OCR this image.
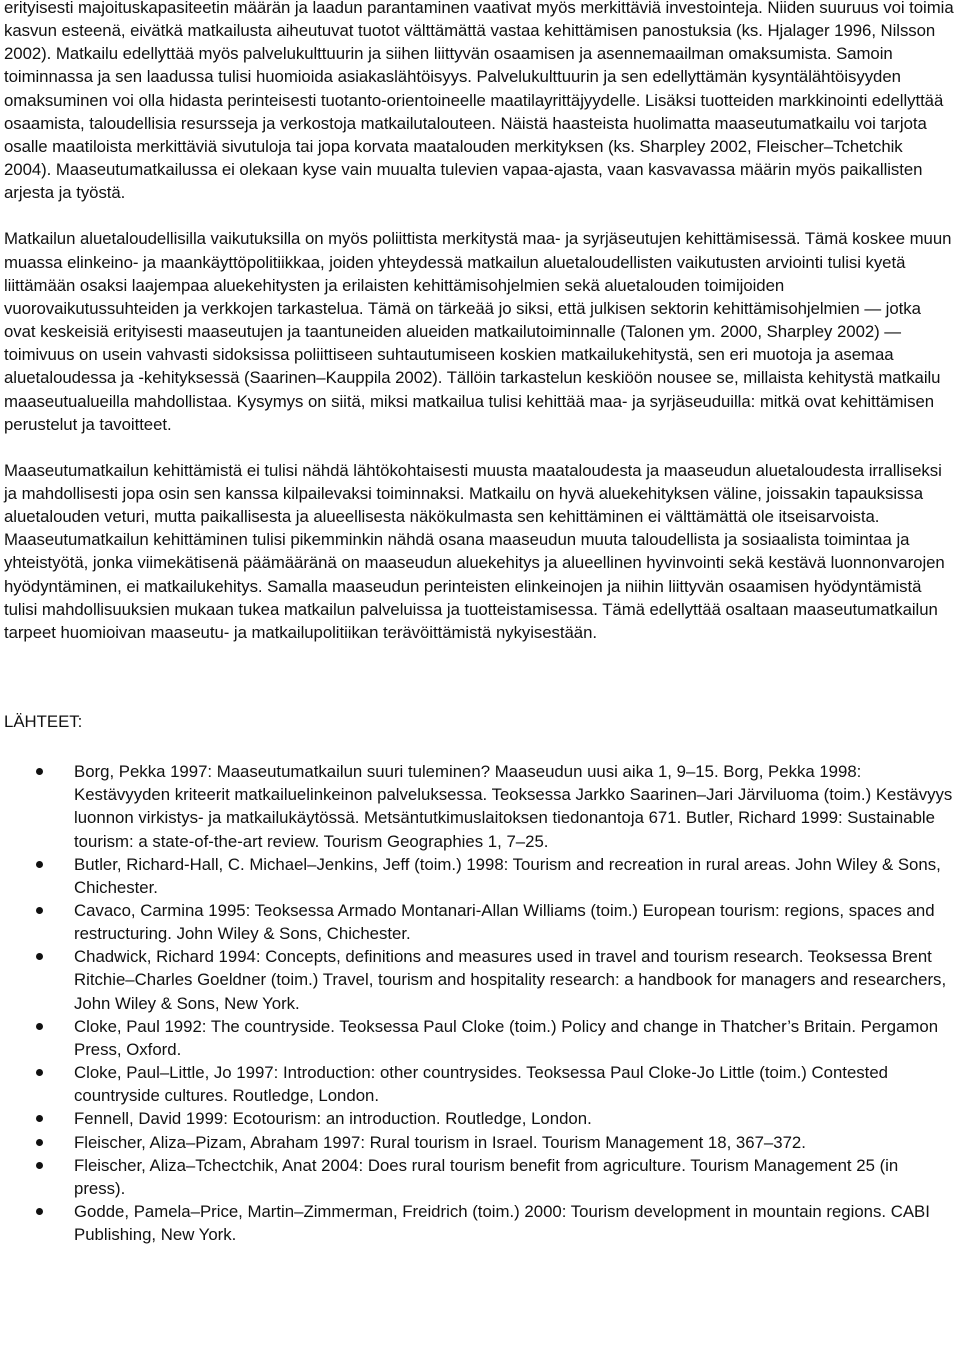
erityisesti majoituskapasiteetin määrän ja laadun parantaminen vaativat myös merkittäviä investointeja. Niiden suuruus voi toimia kasvun esteenä, eivätkä matkailusta aiheutuvat tuotot välttämättä vastaa kehittämisen panostuksia (ks. Hjalager 1996, Nilsson 2002). Matkailu edellyttää myös palvelukulttuurin ja siihen liittyvän osaamisen ja asennemaailman omaksumista. Samoin toiminnassa ja sen laadussa tulisi huomioida asiakaslähtöisyys. Palvelukulttuurin ja sen edellyttämän kysyntälähtöisyyden omaksuminen voi olla hidasta perinteisesti tuotanto-orientoineelle maatilayrittäjyydelle. Lisäksi tuotteiden markkinointi edellyttää osaamista, taloudellisia resursseja ja verkostoja matkailutalouteen. Näistä haasteista huolimatta maaseutumatkailu voi tarjota osalle maatiloista merkittäviä sivutuloja tai jopa korvata maatalouden merkityksen (ks. Sharpley 2002, Fleischer–Tchetchik 2004). Maaseutumatkailussa ei olekaan kyse vain muualta tulevien vapaa-ajasta, vaan kasvavassa määrin myös paikallisten arjesta ja työstä.

Matkailun aluetaloudellisilla vaikutuksilla on myös poliittista merkitystä maa- ja syrjäseutujen kehittämisessä. Tämä koskee muun muassa elinkeino- ja maankäyttöpolitiikkaa, joiden yhteydessä matkailun aluetaloudellisten vaikutusten arviointi tulisi kyetä liittämään osaksi laajempaa aluekehitysten ja erilaisten kehittämisohjelmien sekä aluetalouden toimijoiden vuorovaikutussuhteiden ja verkkojen tarkastelua. Tämä on tärkeää jo siksi, että julkisen sektorin kehittämisohjelmien — jotka ovat keskeisiä erityisesti maaseutujen ja taantuneiden alueiden matkailutoiminnalle (Talonen ym. 2000, Sharpley 2002) — toimivuus on usein vahvasti sidoksissa poliittiseen suhtautumiseen koskien matkailukehitystä, sen eri muotoja ja asemaa aluetaloudessa ja -kehityksessä (Saarinen–Kauppila 2002). Tällöin tarkastelun keskiöön nousee se, millaista kehitystä matkailu maaseutualueilla mahdollistaa. Kysymys on siitä, miksi matkailua tulisi kehittää maa- ja syrjäseuduilla: mitkä ovat kehittämisen perustelut ja tavoitteet.

Maaseutumatkailun kehittämistä ei tulisi nähdä lähtökohtaisesti muusta maataloudesta ja maaseudun aluetaloudesta irralliseksi ja mahdollisesti jopa osin sen kanssa kilpailevaksi toiminnaksi. Matkailu on hyvä aluekehityksen väline, joissakin tapauksissa aluetalouden veturi, mutta paikallisesta ja alueellisesta näkökulmasta sen kehittäminen ei välttämättä ole itseisarvoista. Maaseutumatkailun kehittäminen tulisi pikemminkin nähdä osana maaseudun muuta taloudellista ja sosiaalista toimintaa ja yhteistyötä, jonka viimekätisenä päämääränä on maaseudun aluekehitys ja alueellinen hyvinvointi sekä kestävä luonnonvarojen hyödyntäminen, ei matkailukehitys. Samalla maaseudun perinteisten elinkeinojen ja niihin liittyvän osaamisen hyödyntämistä tulisi mahdollisuuksien mukaan tukea matkailun palveluissa ja tuotteistamisessa. Tämä edellyttää osaltaan maaseutumatkailun tarpeet huomioivan maaseutu- ja matkailupolitiikan terävöittämistä nykyisestään.

LÄHTEET:
Borg, Pekka 1997: Maaseutumatkailun suuri tuleminen? Maaseudun uusi aika 1, 9–15. Borg, Pekka 1998: Kestävyyden kriteerit matkailuelinkeinon palveluksessa. Teoksessa Jarkko Saarinen–Jari Järviluoma (toim.) Kestävyys luonnon virkistys- ja matkailukäytössä. Metsäntutkimuslaitoksen tiedonantoja 671. Butler, Richard 1999: Sustainable tourism: a state-of-the-art review. Tourism Geographies 1, 7–25.
Butler, Richard-Hall, C. Michael–Jenkins, Jeff (toim.) 1998: Tourism and recreation in rural areas. John Wiley & Sons, Chichester.
Cavaco, Carmina 1995: Teoksessa Armado Montanari-Allan Williams (toim.) European tourism: regions, spaces and restructuring. John Wiley & Sons, Chichester.
Chadwick, Richard 1994: Concepts, definitions and measures used in travel and tourism research. Teoksessa Brent Ritchie–Charles Goeldner (toim.) Travel, tourism and hospitality research: a handbook for managers and researchers, John Wiley & Sons, New York.
Cloke, Paul 1992: The countryside. Teoksessa Paul Cloke (toim.) Policy and change in Thatcher’s Britain. Pergamon Press, Oxford.
Cloke, Paul–Little, Jo 1997: Introduction: other countrysides. Teoksessa Paul Cloke-Jo Little (toim.) Contested countryside cultures. Routledge, London.
Fennell, David 1999: Ecotourism: an introduction. Routledge, London.
Fleischer, Aliza–Pizam, Abraham 1997: Rural tourism in Israel. Tourism Management 18, 367–372.
Fleischer, Aliza–Tchectchik, Anat 2004: Does rural tourism benefit from agriculture. Tourism Management 25 (in press).
Godde, Pamela–Price, Martin–Zimmerman, Freidrich (toim.) 2000: Tourism development in mountain regions. CABI Publishing, New York.
